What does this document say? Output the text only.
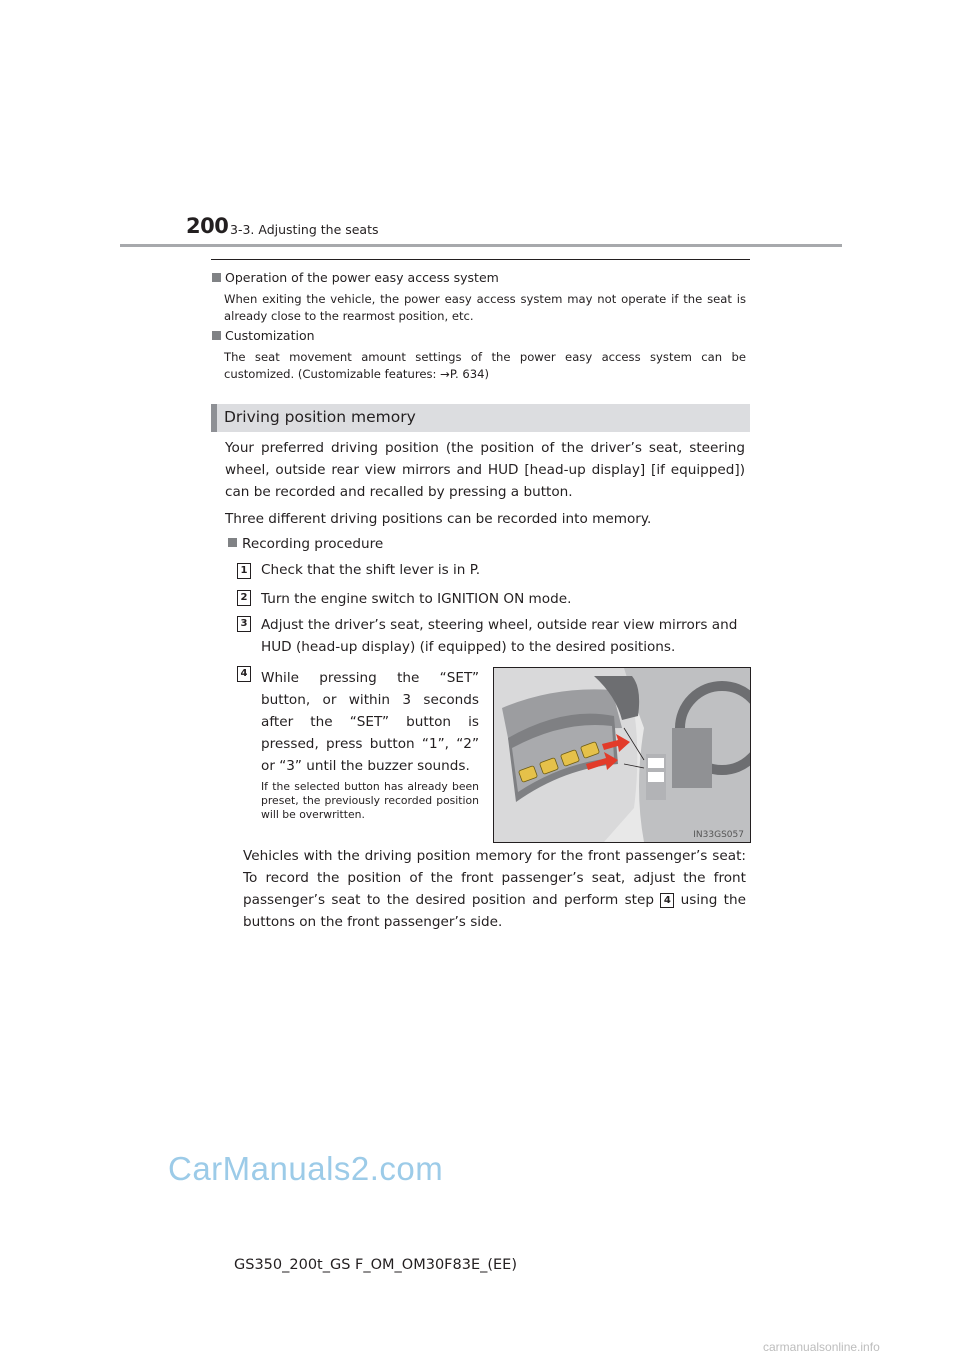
200 3-3. Adjusting the seats
Operation of the power easy access system
When exiting the vehicle, the power easy access system may not operate if the seat is already close to the rearmost position, etc.
Customization
The seat movement amount settings of the power easy access system can be customized. (Customizable features: →P. 634)
Driving position memory
Your preferred driving position (the position of the driver’s seat, steering wheel, outside rear view mirrors and HUD [head-up display] [if equipped]) can be recorded and recalled by pressing a button.
Three different driving positions can be recorded into memory.
Recording procedure
1 Check that the shift lever is in P.
2 Turn the engine switch to IGNITION ON mode.
3 Adjust the driver’s seat, steering wheel, outside rear view mirrors and HUD (head-up display) (if equipped) to the desired positions.
4 While pressing the “SET” button, or within 3 seconds after the “SET” button is pressed, press button “1”, “2” or “3” until the buzzer sounds.
If the selected button has already been preset, the previously recorded position will be overwritten.
IN33GS057
Vehicles with the driving position memory for the front passenger’s seat: To record the position of the front passenger’s seat, adjust the front passenger’s seat to the desired position and perform step 4 using the buttons on the front passenger’s side.
CarManuals2.com
GS350_200t_GS F_OM_OM30F83E_(EE)
carmanualsonline.info
